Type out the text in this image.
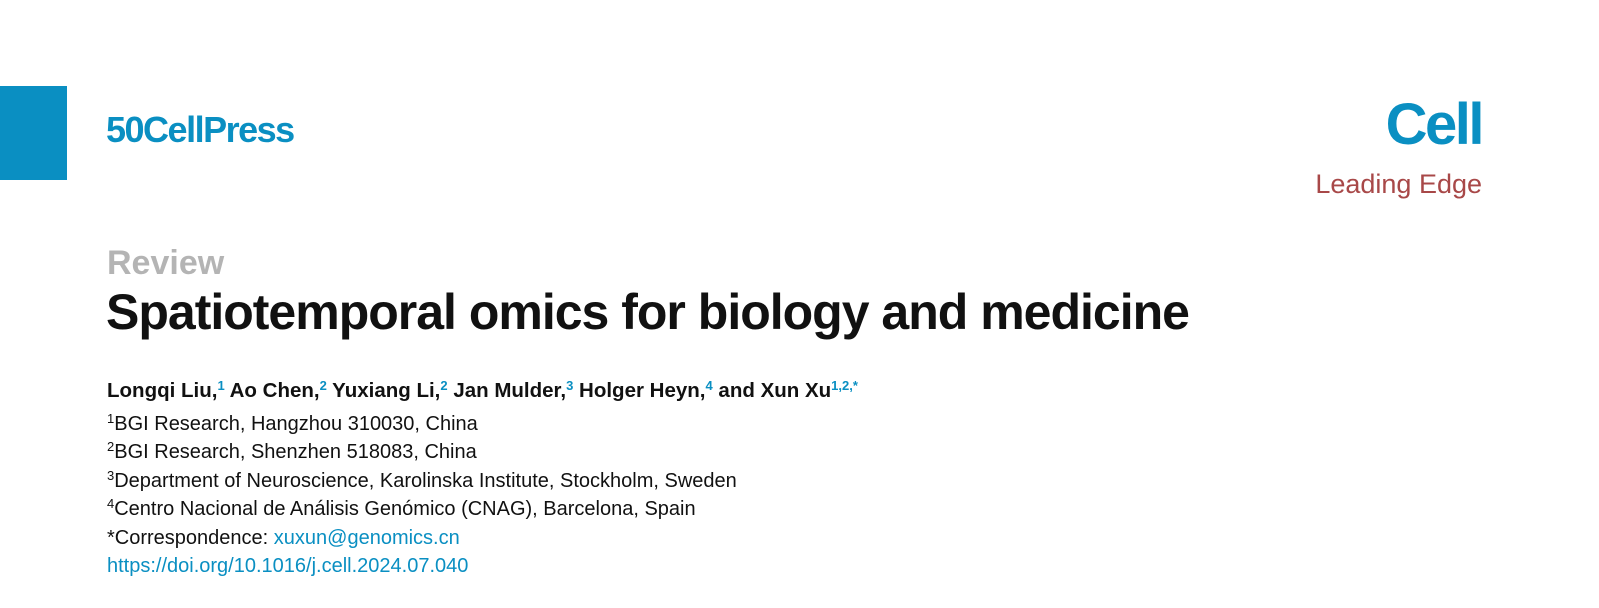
50CellPress	Cell
Leading Edge
Review
Spatiotemporal omics for biology and medicine
Longqi Liu,$^1$ Ao Chen,$^2$ Yuxiang Li,$^2$ Jan Mulder,$^3$ Holger Heyn,$^4$ and Xun $Xu^{1,2,*}$
$^1$BGI Research, Hangzhou 310030, China
$^2$BGI Research, Shenzhen 518083, China
$^3$Department of Neuroscience, Karolinska Institute, Stockholm, Sweden
$^4$Centro Nacional de Análisis Genómico (CNAG), Barcelona, Spain
*Correspondence: xuxun@genomics.cn
https://doi.org/10.1016/j.cell.2024.07.040
